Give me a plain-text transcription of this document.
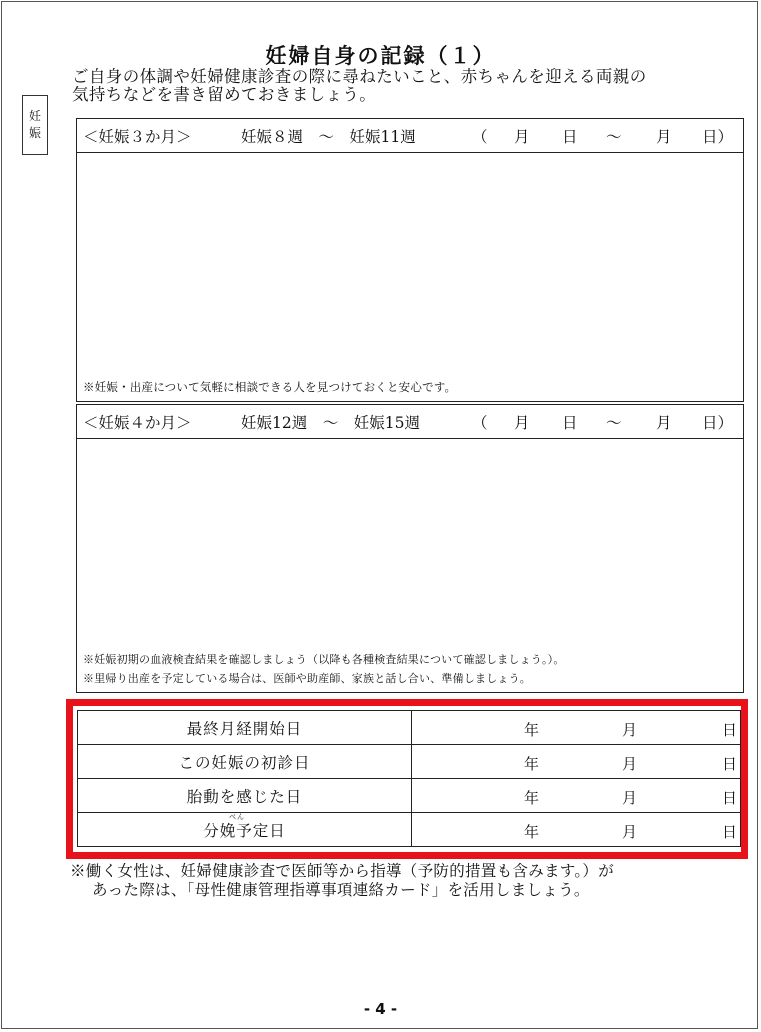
妊婦自身の記録（１）
ご自身の体調や妊婦健康診査の際に尋ねたいこと、赤ちゃんを迎える両親の
気持ちなどを書き留めておきましょう。
妊
娠	＜妊娠３か月＞	妊娠８週　～　妊娠11週	（	月	日	～	月	日）
※妊娠・出産について気軽に相談できる人を見つけておくと安心です。
＜妊娠４か月＞	妊娠12週　～　妊娠15週	（	月	日	～	月	日）
※妊娠初期の血液検査結果を確認しましょう（以降も各種検査結果について確認しましょう。）。
※里帰り出産を予定している場合は、医師や助産師、家族と話し合い、準備しましょう。
最終月経開始日	年 月 日

この妊娠の初診日	年 月 日

胎動を感じた日	年 月 日

べん
分娩予定日	年 月 日
※働く女性は、妊婦健康診査で医師等から指導（予防的措置も含みます。）が
あった際は、「母性健康管理指導事項連絡カード」を活用しましょう。
- 4 -
